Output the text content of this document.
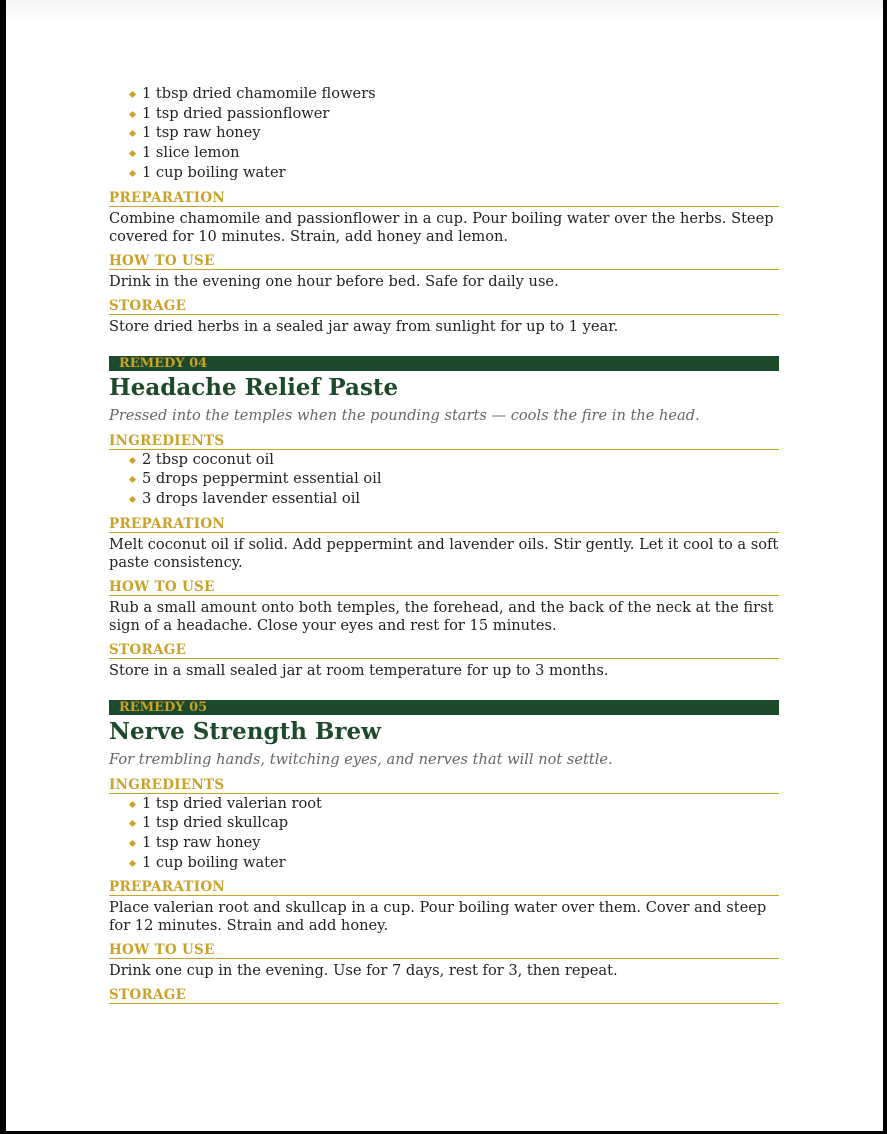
1 tbsp dried chamomile flowers
1 tsp dried passionflower
1 tsp raw honey
1 slice lemon
1 cup boiling water
PREPARATION
Combine chamomile and passionflower in a cup. Pour boiling water over the herbs. Steep covered for 10 minutes. Strain, add honey and lemon.
HOW TO USE
Drink in the evening one hour before bed. Safe for daily use.
STORAGE
Store dried herbs in a sealed jar away from sunlight for up to 1 year.
REMEDY 04
Headache Relief Paste
Pressed into the temples when the pounding starts — cools the fire in the head.
INGREDIENTS
2 tbsp coconut oil
5 drops peppermint essential oil
3 drops lavender essential oil
PREPARATION
Melt coconut oil if solid. Add peppermint and lavender oils. Stir gently. Let it cool to a soft paste consistency.
HOW TO USE
Rub a small amount onto both temples, the forehead, and the back of the neck at the first sign of a headache. Close your eyes and rest for 15 minutes.
STORAGE
Store in a small sealed jar at room temperature for up to 3 months.
REMEDY 05
Nerve Strength Brew
For trembling hands, twitching eyes, and nerves that will not settle.
INGREDIENTS
1 tsp dried valerian root
1 tsp dried skullcap
1 tsp raw honey
1 cup boiling water
PREPARATION
Place valerian root and skullcap in a cup. Pour boiling water over them. Cover and steep for 12 minutes. Strain and add honey.
HOW TO USE
Drink one cup in the evening. Use for 7 days, rest for 3, then repeat.
STORAGE
